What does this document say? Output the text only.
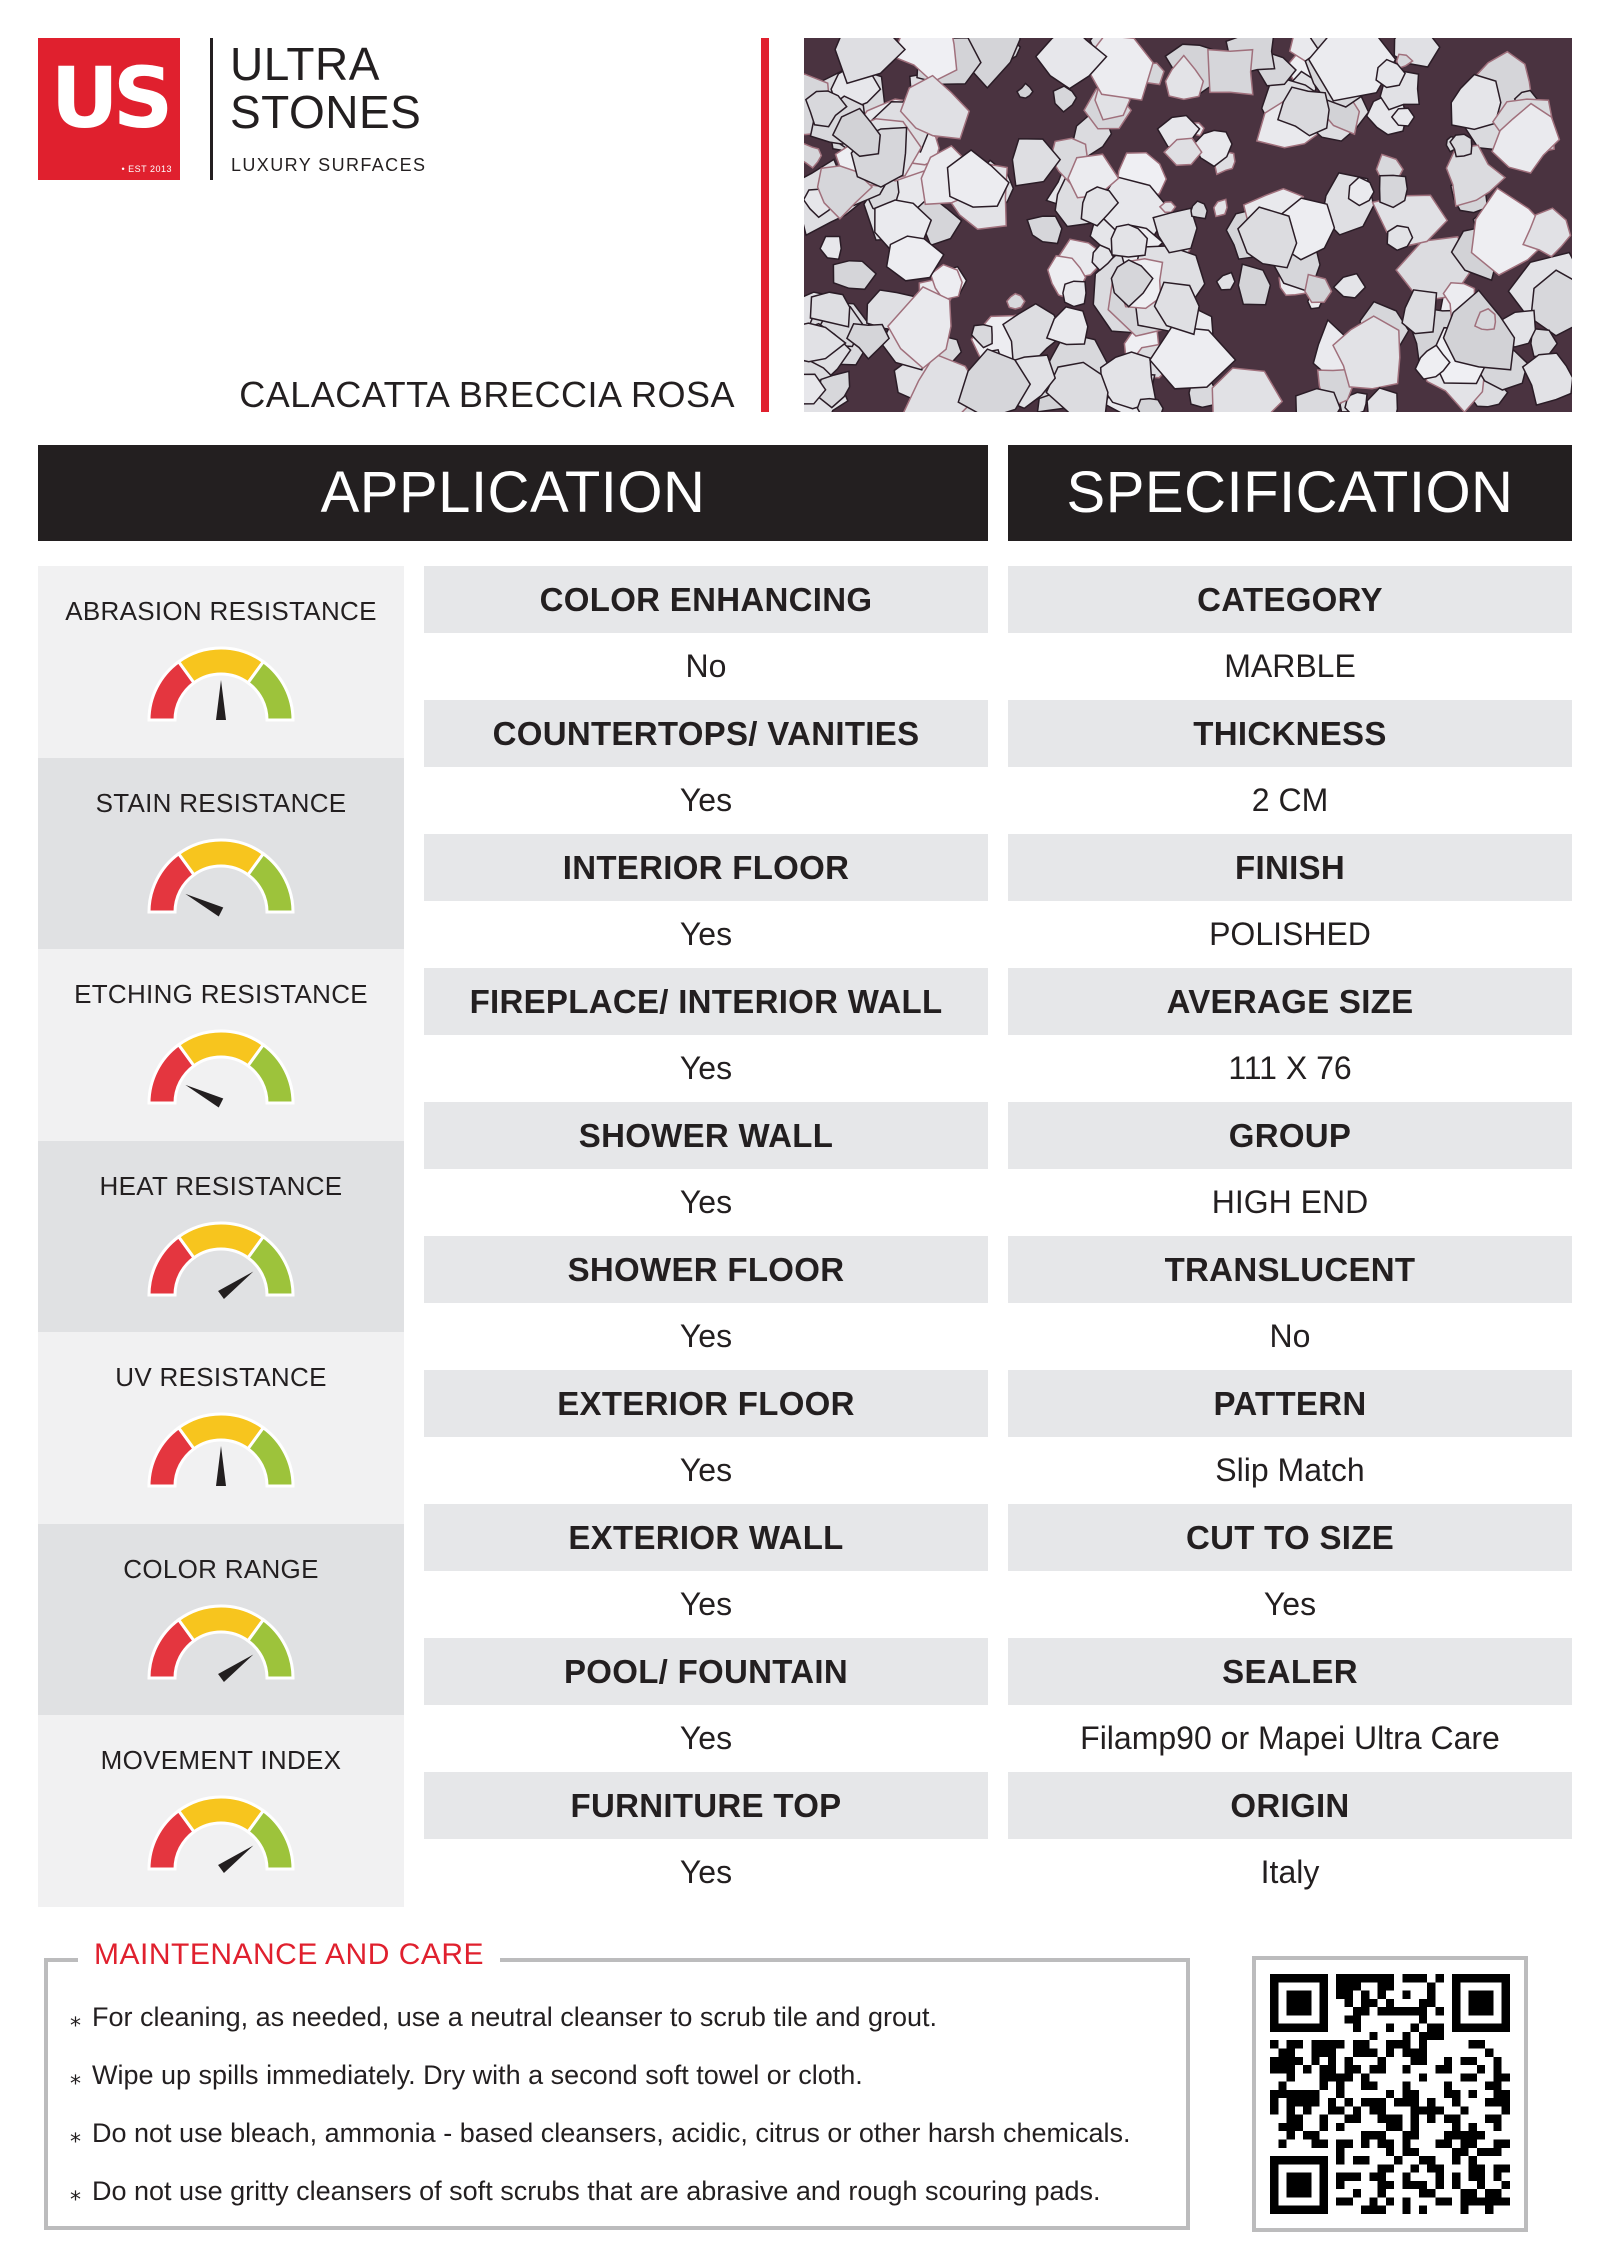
US
• EST 2013
ULTRA
STONES
LUXURY SURFACES
CALACATTA BRECCIA ROSA
APPLICATION	SPECIFICATION
ABRASION RESISTANCE
STAIN RESISTANCE
ETCHING RESISTANCE
HEAT RESISTANCE
UV RESISTANCE
COLOR RANGE
MOVEMENT INDEX
COLOR ENHANCING
No
COUNTERTOPS/ VANITIES
Yes
INTERIOR FLOOR
Yes
FIREPLACE/ INTERIOR WALL
Yes
SHOWER WALL
Yes
SHOWER FLOOR
Yes
EXTERIOR FLOOR
Yes
EXTERIOR WALL
Yes
POOL/ FOUNTAIN
Yes
FURNITURE TOP
Yes
CATEGORY
MARBLE
THICKNESS
2 CM
FINISH
POLISHED
AVERAGE SIZE
111 X 76
GROUP
HIGH END
TRANSLUCENT
No
PATTERN
Slip Match
CUT TO SIZE
Yes
SEALER
Filamp90 or Mapei Ultra Care
ORIGIN
Italy
MAINTENANCE AND CARE
⁎ For cleaning, as needed, use a neutral cleanser to scrub tile and grout.
⁎ Wipe up spills immediately. Dry with a second soft towel or cloth.
⁎ Do not use bleach, ammonia - based cleansers, acidic, citrus or other harsh chemicals.
⁎ Do not use gritty cleansers of soft scrubs that are abrasive and rough scouring pads.
